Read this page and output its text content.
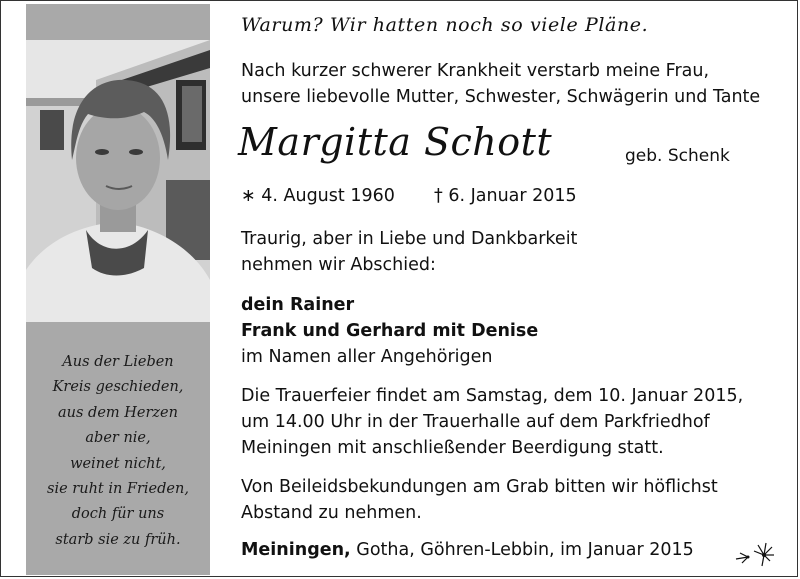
Aus der Lieben
Kreis geschieden,
aus dem Herzen
aber nie,
weinet nicht,
sie ruht in Frieden,
doch für uns
starb sie zu früh.
Warum? Wir hatten noch so viele Pläne.
Nach kurzer schwerer Krankheit verstarb meine Frau,
unsere liebevolle Mutter, Schwester, Schwägerin und Tante
Margitta Schott	geb. Schenk
∗ 4. August 1960 † 6. Januar 2015
Traurig, aber in Liebe und Dankbarkeit
nehmen wir Abschied:
dein Rainer
Frank und Gerhard mit Denise
im Namen aller Angehörigen
Die Trauerfeier findet am Samstag, dem 10. Januar 2015,
um 14.00 Uhr in der Trauerhalle auf dem Parkfriedhof
Meiningen mit anschließender Beerdigung statt.
Von Beileidsbekundungen am Grab bitten wir höflichst
Abstand zu nehmen.
Meiningen, Gotha, Göhren-Lebbin, im Januar 2015
